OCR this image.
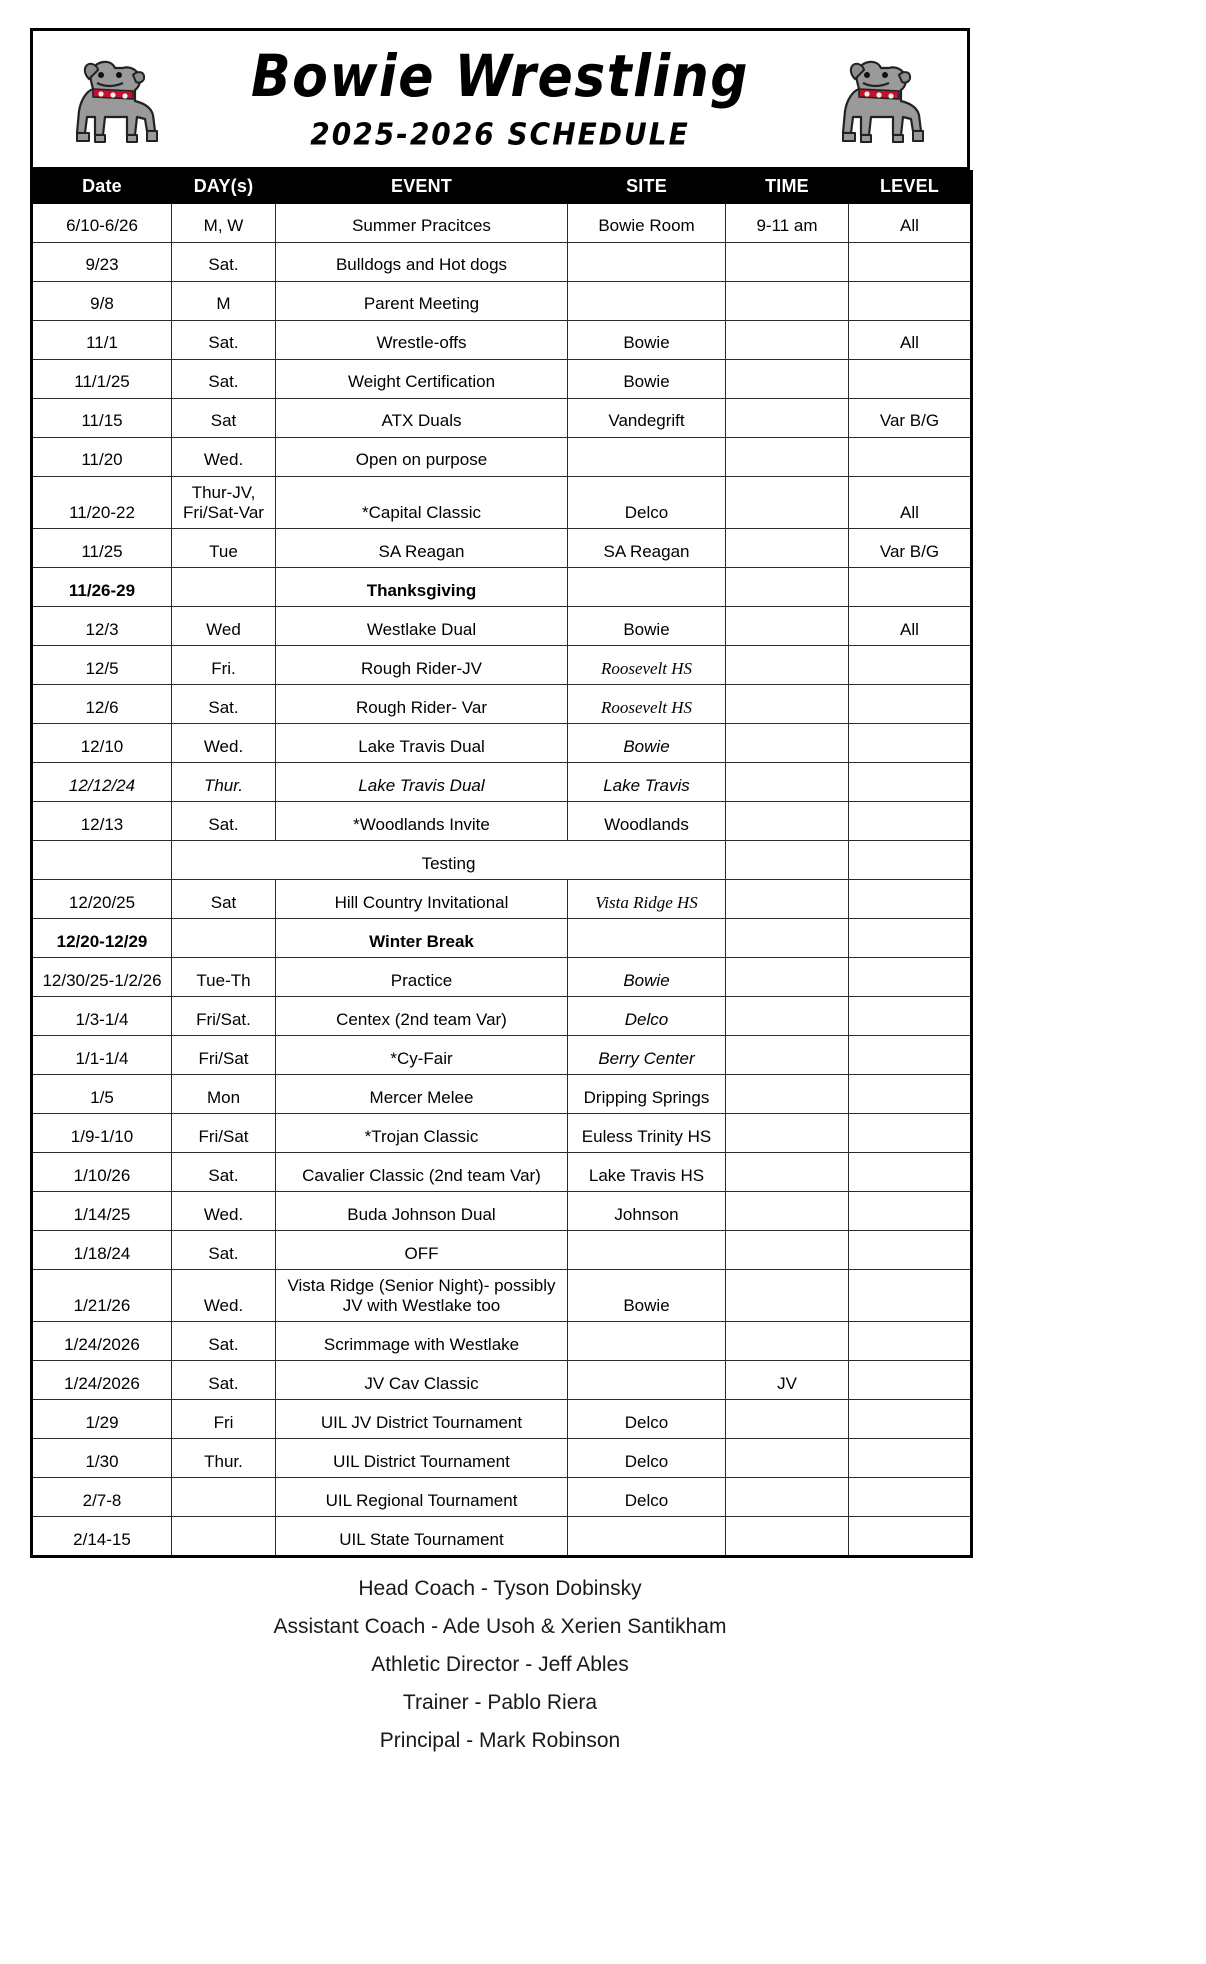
Bowie Wrestling
2025-2026 SCHEDULE
Date	DAY(s)	EVENT	SITE	TIME	LEVEL
6/10-6/26	M, W	Summer Pracitces	Bowie Room	9-11 am	All
9/23	Sat.	Bulldogs and Hot dogs			
9/8	M	Parent Meeting			
11/1	Sat.	Wrestle-offs	Bowie		All
11/1/25	Sat.	Weight Certification	Bowie		
11/15	Sat	ATX Duals	Vandegrift		Var B/G
11/20	Wed.	Open on purpose			
11/20-22	Thur-JV, Fri/Sat-Var	*Capital Classic	Delco		All
11/25	Tue	SA Reagan	SA Reagan		Var B/G
11/26-29		Thanksgiving			
12/3	Wed	Westlake Dual	Bowie		All
12/5	Fri.	Rough Rider-JV	Roosevelt HS		
12/6	Sat.	Rough Rider- Var	Roosevelt HS		
12/10	Wed.	Lake Travis Dual	Bowie		
12/12/24	Thur.	Lake Travis Dual	Lake Travis		
12/13	Sat.	*Woodlands Invite	Woodlands		
	Testing				
12/20/25	Sat	Hill Country Invitational	Vista Ridge HS		
12/20-12/29		Winter Break			
12/30/25-1/2/26	Tue-Th	Practice	Bowie		
1/3-1/4	Fri/Sat.	Centex (2nd team Var)	Delco		
1/1-1/4	Fri/Sat	*Cy-Fair	Berry Center		
1/5	Mon	Mercer Melee	Dripping Springs		
1/9-1/10	Fri/Sat	*Trojan Classic	Euless Trinity HS		
1/10/26	Sat.	Cavalier Classic (2nd team Var)	Lake Travis HS		
1/14/25	Wed.	Buda Johnson Dual	Johnson		
1/18/24	Sat.	OFF			
1/21/26	Wed.	Vista Ridge (Senior Night)- possibly JV with Westlake too	Bowie		
1/24/2026	Sat.	Scrimmage with Westlake			
1/24/2026	Sat.	JV Cav Classic		JV	
1/29	Fri	UIL JV District Tournament	Delco		
1/30	Thur.	UIL District Tournament	Delco		
2/7-8		UIL Regional Tournament	Delco		
2/14-15		UIL State Tournament			
Head Coach - Tyson Dobinsky
Assistant Coach - Ade Usoh & Xerien Santikham
Athletic Director - Jeff Ables
Trainer - Pablo Riera
Principal - Mark Robinson
